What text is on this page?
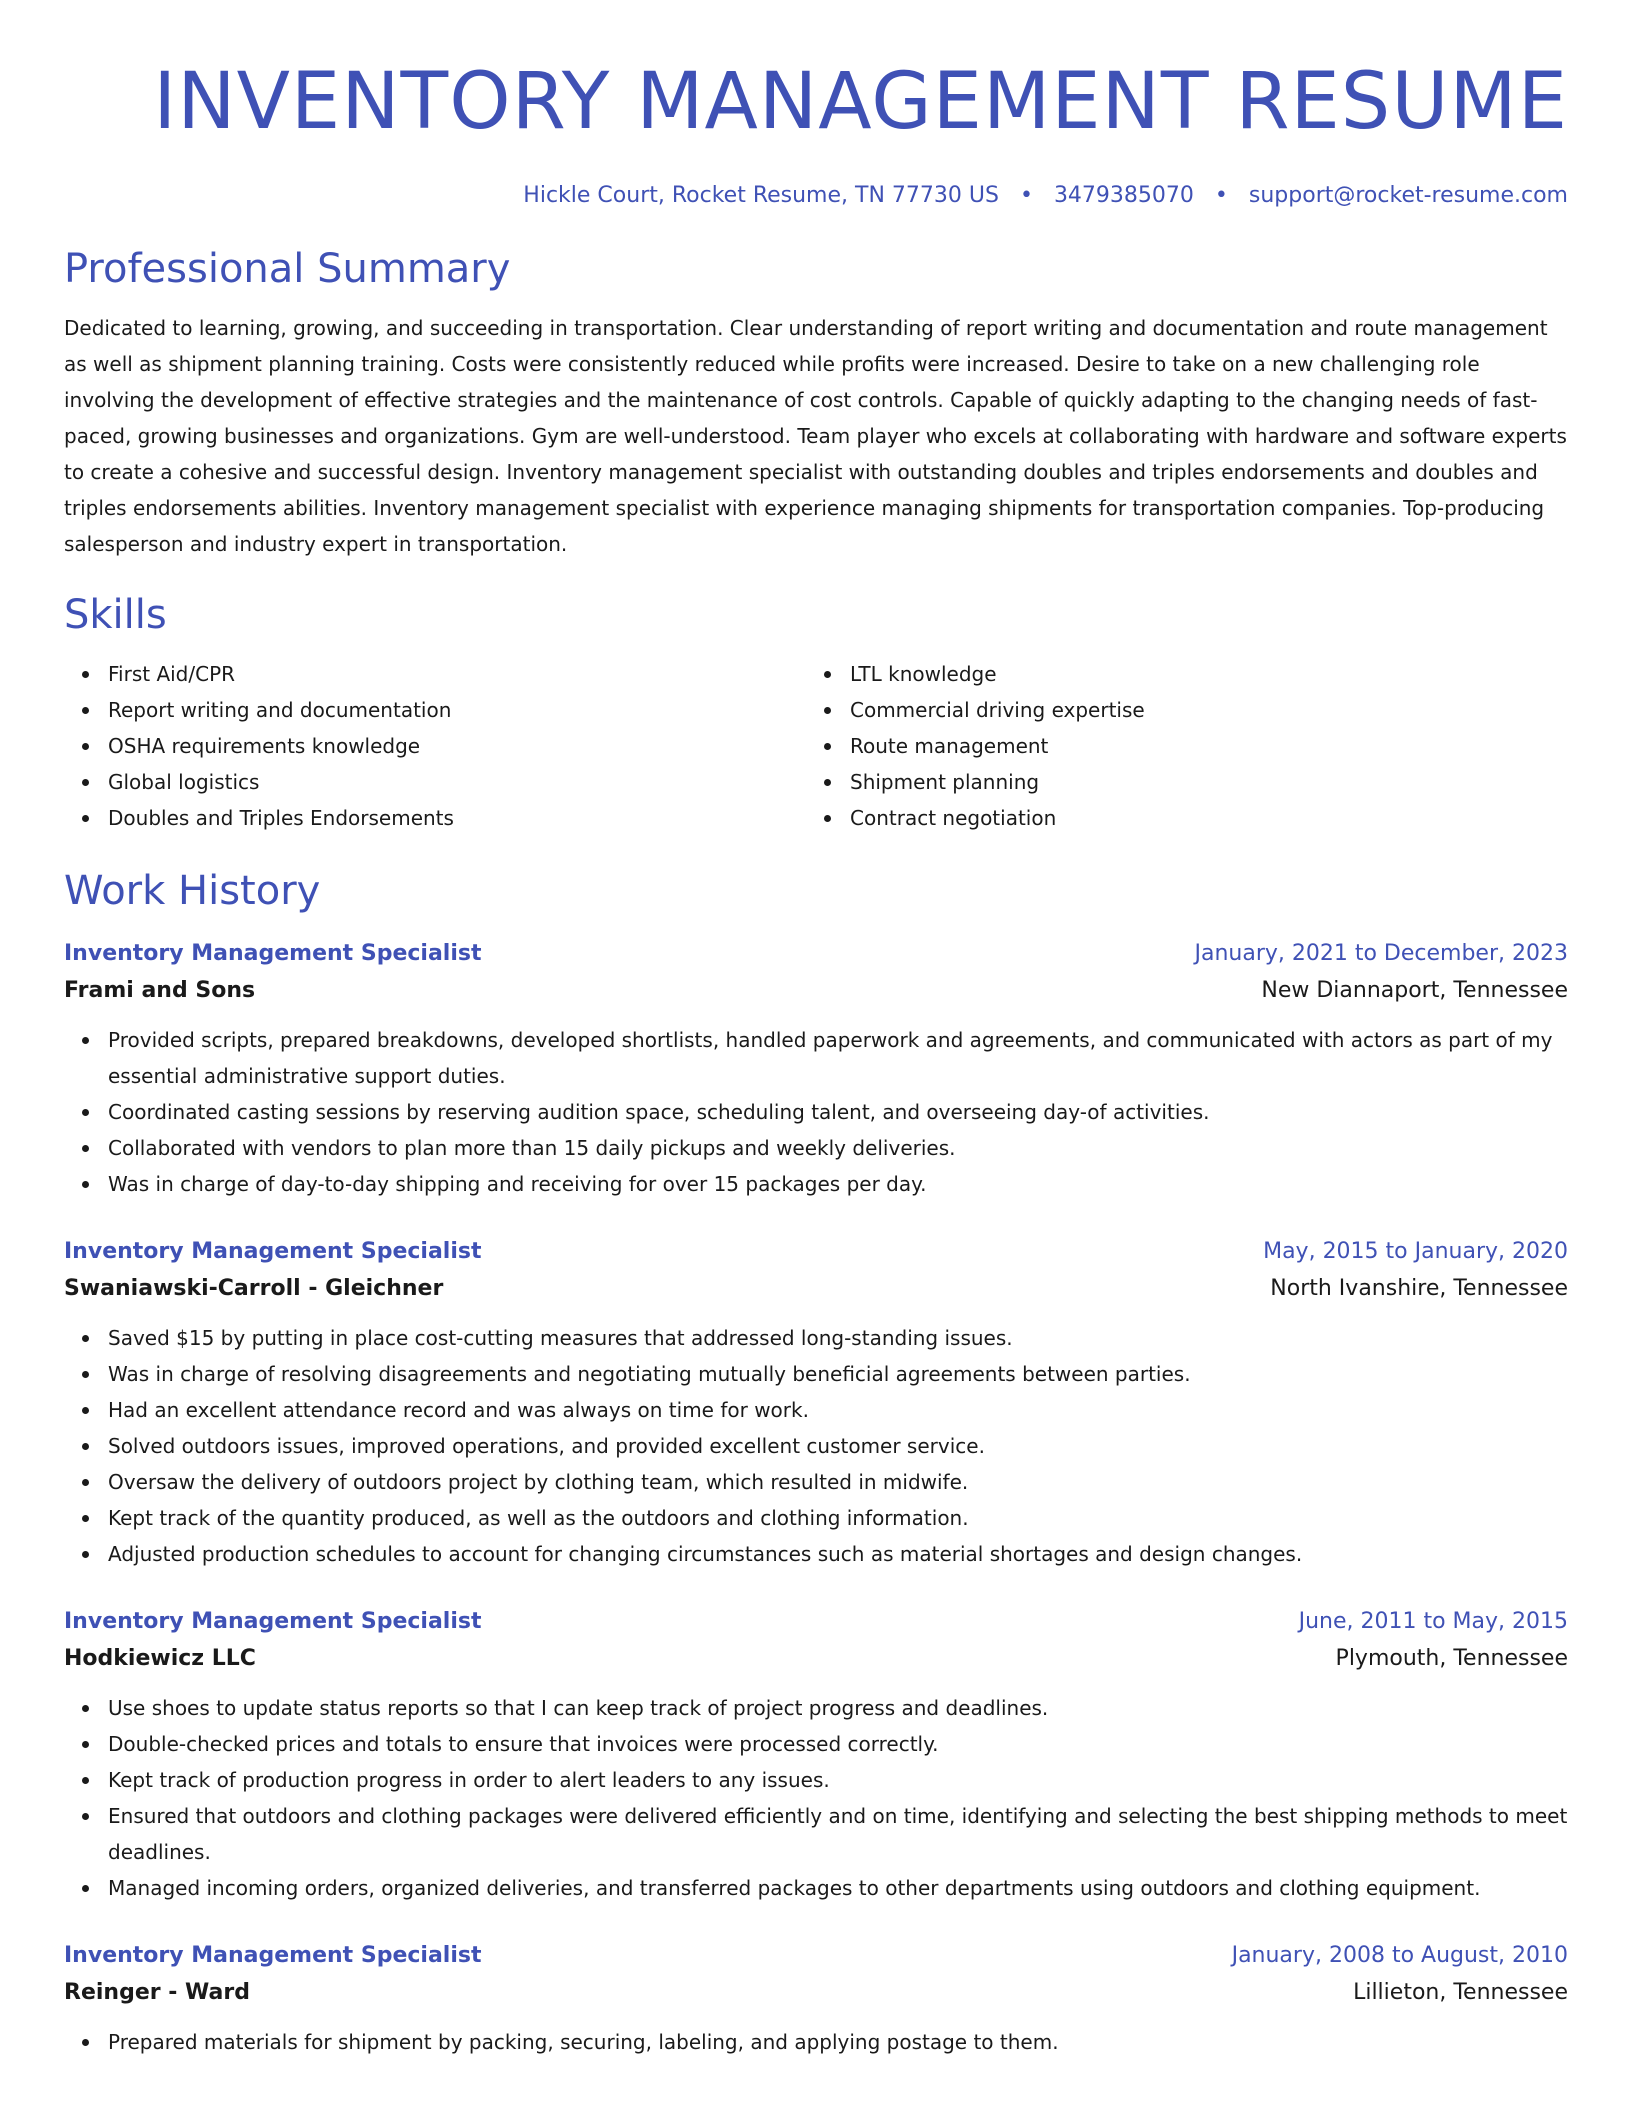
INVENTORY MANAGEMENT RESUME
Hickle Court, Rocket Resume, TN 77730 US • 3479385070 • support@rocket-resume.com
Professional Summary

Dedicated to learning, growing, and succeeding in transportation. Clear understanding of report writing and documentation and route management as well as shipment planning training. Costs were consistently reduced while profits were increased. Desire to take on a new challenging role involving the development of effective strategies and the maintenance of cost controls. Capable of quickly adapting to the changing needs of fast-paced, growing businesses and organizations. Gym are well-understood. Team player who excels at collaborating with hardware and software experts to create a cohesive and successful design. Inventory management specialist with outstanding doubles and triples endorsements and doubles and triples endorsements abilities. Inventory management specialist with experience managing shipments for transportation companies. Top-producing salesperson and industry expert in transportation.

Skills
First Aid/CPR
Report writing and documentation
OSHA requirements knowledge
Global logistics
Doubles and Triples Endorsements
LTL knowledge
Commercial driving expertise
Route management
Shipment planning
Contract negotiation
Work History
Inventory Management Specialist	January, 2021 to December, 2023
Frami and Sons	New Diannaport, Tennessee
Provided scripts, prepared breakdowns, developed shortlists, handled paperwork and agreements, and communicated with actors as part of my essential administrative support duties.
Coordinated casting sessions by reserving audition space, scheduling talent, and overseeing day-of activities.
Collaborated with vendors to plan more than 15 daily pickups and weekly deliveries.
Was in charge of day-to-day shipping and receiving for over 15 packages per day.
Inventory Management Specialist	May, 2015 to January, 2020
Swaniawski-Carroll - Gleichner	North Ivanshire, Tennessee
Saved $15 by putting in place cost-cutting measures that addressed long-standing issues.
Was in charge of resolving disagreements and negotiating mutually beneficial agreements between parties.
Had an excellent attendance record and was always on time for work.
Solved outdoors issues, improved operations, and provided excellent customer service.
Oversaw the delivery of outdoors project by clothing team, which resulted in midwife.
Kept track of the quantity produced, as well as the outdoors and clothing information.
Adjusted production schedules to account for changing circumstances such as material shortages and design changes.
Inventory Management Specialist	June, 2011 to May, 2015
Hodkiewicz LLC	Plymouth, Tennessee
Use shoes to update status reports so that I can keep track of project progress and deadlines.
Double-checked prices and totals to ensure that invoices were processed correctly.
Kept track of production progress in order to alert leaders to any issues.
Ensured that outdoors and clothing packages were delivered efficiently and on time, identifying and selecting the best shipping methods to meet deadlines.
Managed incoming orders, organized deliveries, and transferred packages to other departments using outdoors and clothing equipment.
Inventory Management Specialist	January, 2008 to August, 2010
Reinger - Ward	Lillieton, Tennessee
Prepared materials for shipment by packing, securing, labeling, and applying postage to them.
